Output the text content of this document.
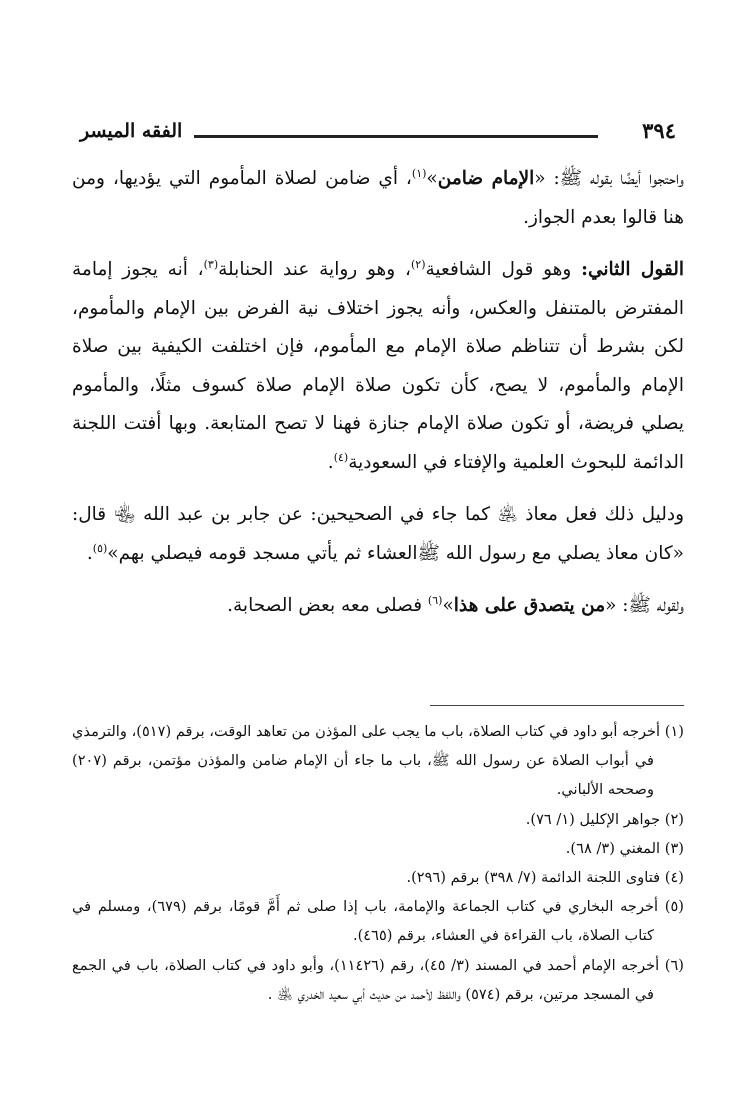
الفقه الميسر	٣٩٤

واحتجوا أيضًا بقوله ﷺ: «الإمام ضامن»$^{(١)}$، أي ضامن لصلاة المأموم التي يؤديها، ومن هنا قالوا بعدم الجواز.

القول الثاني: وهو قول الشافعية$^{(٢)}$، وهو رواية عند الحنابلة$^{(٣)}$، أنه يجوز إمامة المفترض بالمتنفل والعكس، وأنه يجوز اختلاف نية الفرض بين الإمام والمأموم، لكن بشرط أن تتناظم صلاة الإمام مع المأموم، فإن اختلفت الكيفية بين صلاة الإمام والمأموم، لا يصح، كأن تكون صلاة الإمام صلاة كسوف مثلًا، والمأموم يصلي فريضة، أو تكون صلاة الإمام جنازة فهنا لا تصح المتابعة. وبها أفتت اللجنة الدائمة للبحوث العلمية والإفتاء في السعودية$^{(٤)}$.

ودليل ذلك فعل معاذ ﵁ كما جاء في الصحيحين: عن جابر بن عبد الله ﵄ قال: «كان معاذ يصلي مع رسول الله ﷺالعشاء ثم يأتي مسجد قومه فيصلي بهم»$^{(٥)}$.

ولقوله ﷺ: «من يتصدق على هذا»$^{(٦)}$ فصلى معه بعض الصحابة.

(١) أخرجه أبو داود في كتاب الصلاة، باب ما يجب على المؤذن من تعاهد الوقت، برقم (٥١٧)، والترمذي في أبواب الصلاة عن رسول الله ﷺ، باب ما جاء أن الإمام ضامن والمؤذن مؤتمن، برقم (٢٠٧) وصححه الألباني.

(٢) جواهر الإكليل (١/ ٧٦).

(٣) المغني (٣/ ٦٨).

(٤) فتاوى اللجنة الدائمة (٧/ ٣٩٨) برقم (٢٩٦).

(٥) أخرجه البخاري في كتاب الجماعة والإمامة، باب إذا صلى ثم أَمَّ قومًا، برقم (٦٧٩)، ومسلم في كتاب الصلاة، باب القراءة في العشاء، برقم (٤٦٥).

(٦) أخرجه الإمام أحمد في المسند (٣/ ٤٥)، رقم (١١٤٢٦)، وأبو داود في كتاب الصلاة، باب في الجمع في المسجد مرتين، برقم (٥٧٤) واللفظ لأحمد من حديث أبي سعيد الخدري ﵁ .
